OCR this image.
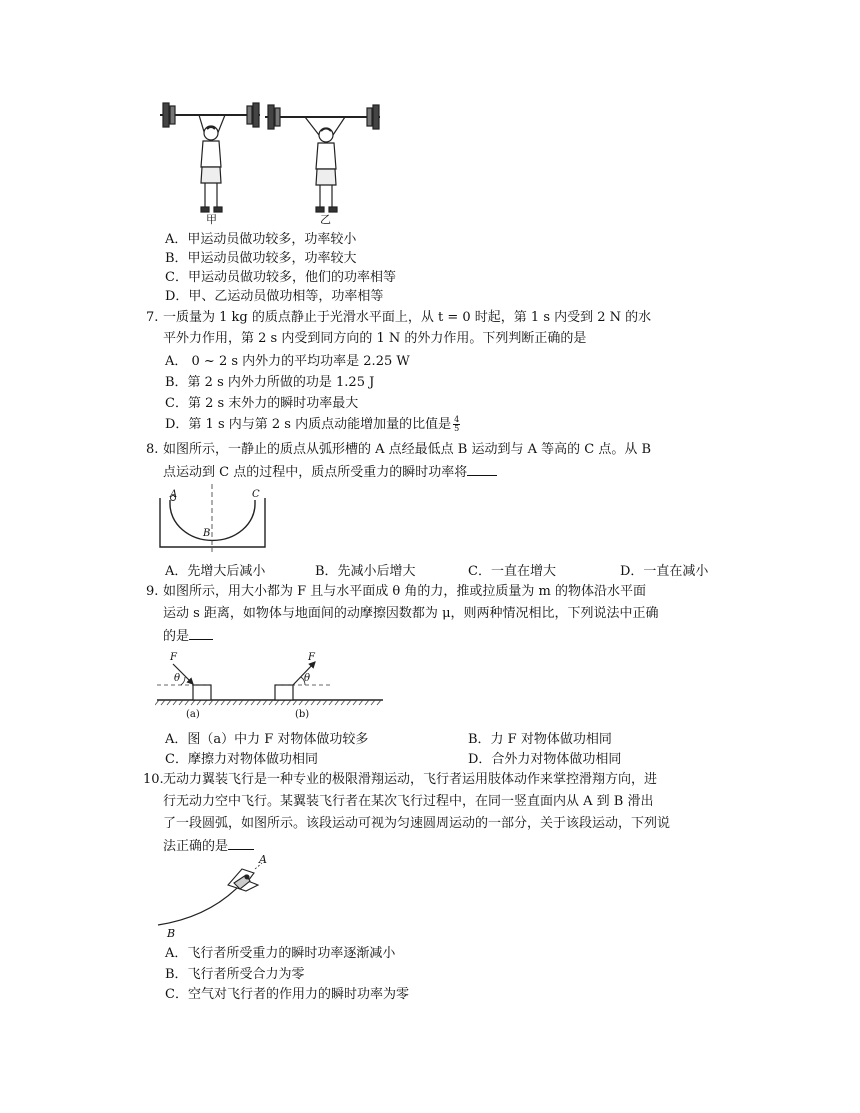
甲	乙
A．甲运动员做功较多，功率较小
B．甲运动员做功较多，功率较大
C．甲运动员做功较多，他们的功率相等
D．甲、乙运动员做功相等，功率相等
7. 一质量为 1 kg 的质点静止于光滑水平面上，从 t = 0 时起，第 1 s 内受到 2 N 的水
平外力作用，第 2 s 内受到同方向的 1 N 的外力作用。下列判断正确的是
A． 0 ~ 2 s 内外力的平均功率是 2.25 W
B．第 2 s 内外力所做的功是 1.25 J
C．第 2 s 末外力的瞬时功率最大
D．第 1 s 内与第 2 s 内质点动能增加量的比值是 $\frac{4}{5}$
8. 如图所示，一静止的质点从弧形槽的 A 点经最低点 B 运动到与 A 等高的 C 点。从 B
点运动到 C 点的过程中，质点所受重力的瞬时功率将
A
B
C
A．先增大后减小	B．先减小后增大	C．一直在增大	D．一直在减小
9. 如图所示，用大小都为 F 且与水平面成 θ 角的力，推或拉质量为 m 的物体沿水平面
运动 s 距离，如物体与地面间的动摩擦因数都为 μ，则两种情况相比，下列说法中正确
的是
F
θ
(a)
F
θ
(b)
A．图（a）中力 F 对物体做功较多	B．力 F 对物体做功相同
C．摩擦力对物体做功相同	D．合外力对物体做功相同
10. 无动力翼装飞行是一种专业的极限滑翔运动，飞行者运用肢体动作来掌控滑翔方向，进
行无动力空中飞行。某翼装飞行者在某次飞行过程中，在同一竖直面内从 A 到 B 滑出
了一段圆弧，如图所示。该段运动可视为匀速圆周运动的一部分，关于该段运动，下列说
法正确的是
A
B
A．飞行者所受重力的瞬时功率逐渐减小
B．飞行者所受合力为零
C．空气对飞行者的作用力的瞬时功率为零
